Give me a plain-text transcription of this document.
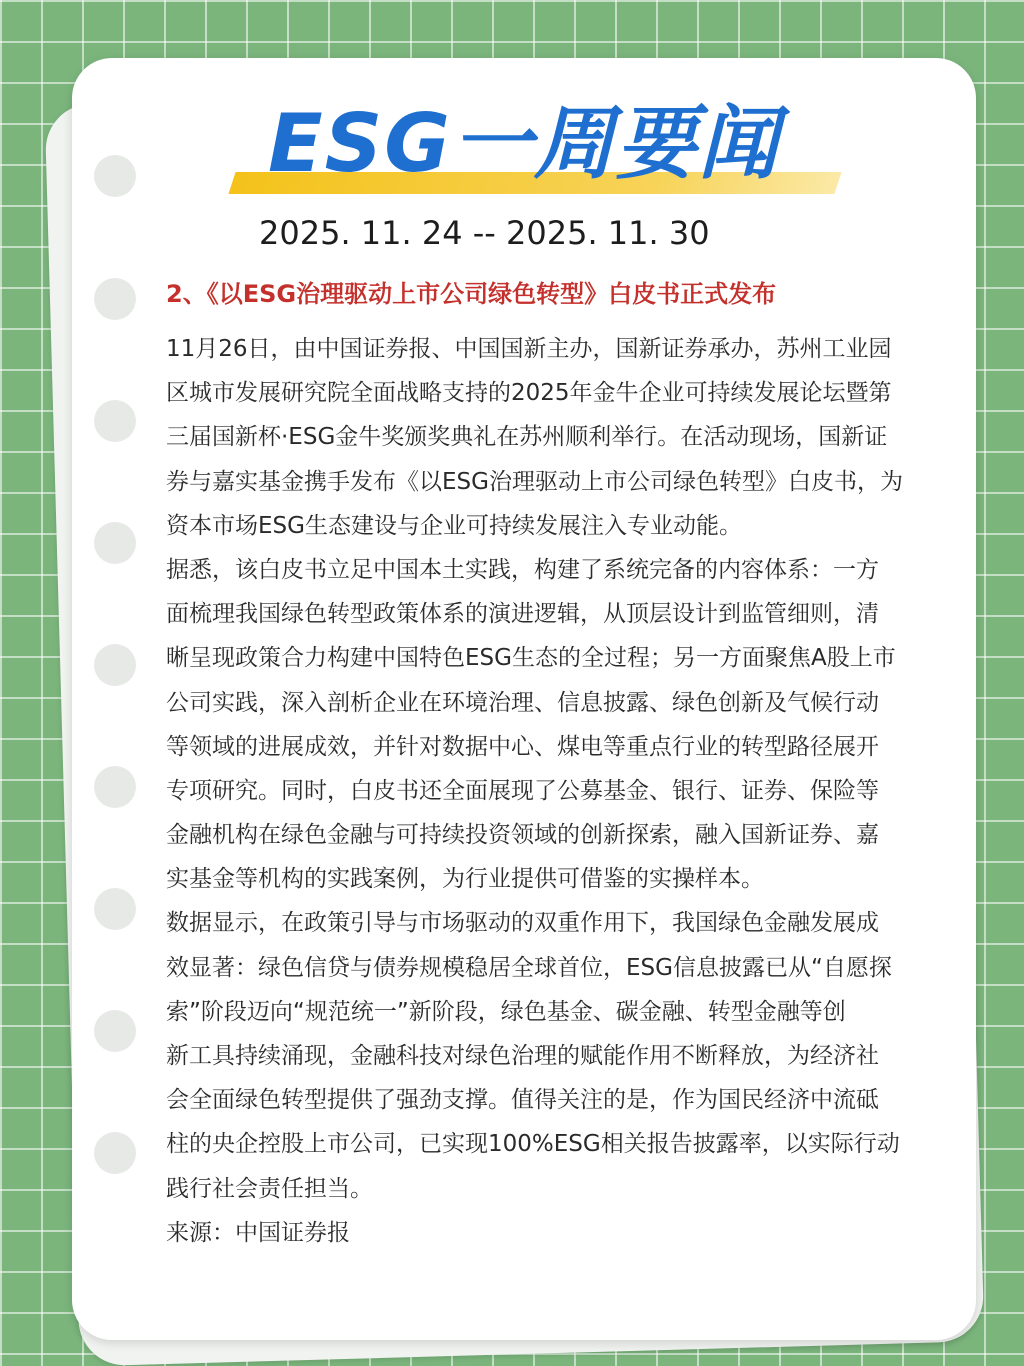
ESG一周要闻
2025. 11. 24 -- 2025. 11. 30
2、《以ESG治理驱动上市公司绿色转型》白皮书正式发布
11月26日，由中国证券报、中国国新主办，国新证券承办，苏州工业园
区城市发展研究院全面战略支持的2025年金牛企业可持续发展论坛暨第
三届国新杯·ESG金牛奖颁奖典礼在苏州顺利举行。在活动现场，国新证
券与嘉实基金携手发布《以ESG治理驱动上市公司绿色转型》白皮书，为
资本市场ESG生态建设与企业可持续发展注入专业动能。
据悉，该白皮书立足中国本土实践，构建了系统完备的内容体系：一方
面梳理我国绿色转型政策体系的演进逻辑，从顶层设计到监管细则，清
晰呈现政策合力构建中国特色ESG生态的全过程；另一方面聚焦A股上市
公司实践，深入剖析企业在环境治理、信息披露、绿色创新及气候行动
等领域的进展成效，并针对数据中心、煤电等重点行业的转型路径展开
专项研究。同时，白皮书还全面展现了公募基金、银行、证券、保险等
金融机构在绿色金融与可持续投资领域的创新探索，融入国新证券、嘉
实基金等机构的实践案例，为行业提供可借鉴的实操样本。
数据显示，在政策引导与市场驱动的双重作用下，我国绿色金融发展成
效显著：绿色信贷与债券规模稳居全球首位，ESG信息披露已从“自愿探
索”阶段迈向“规范统一”新阶段，绿色基金、碳金融、转型金融等创
新工具持续涌现，金融科技对绿色治理的赋能作用不断释放，为经济社
会全面绿色转型提供了强劲支撑。值得关注的是，作为国民经济中流砥
柱的央企控股上市公司，已实现100%ESG相关报告披露率，以实际行动
践行社会责任担当。
来源：中国证券报
